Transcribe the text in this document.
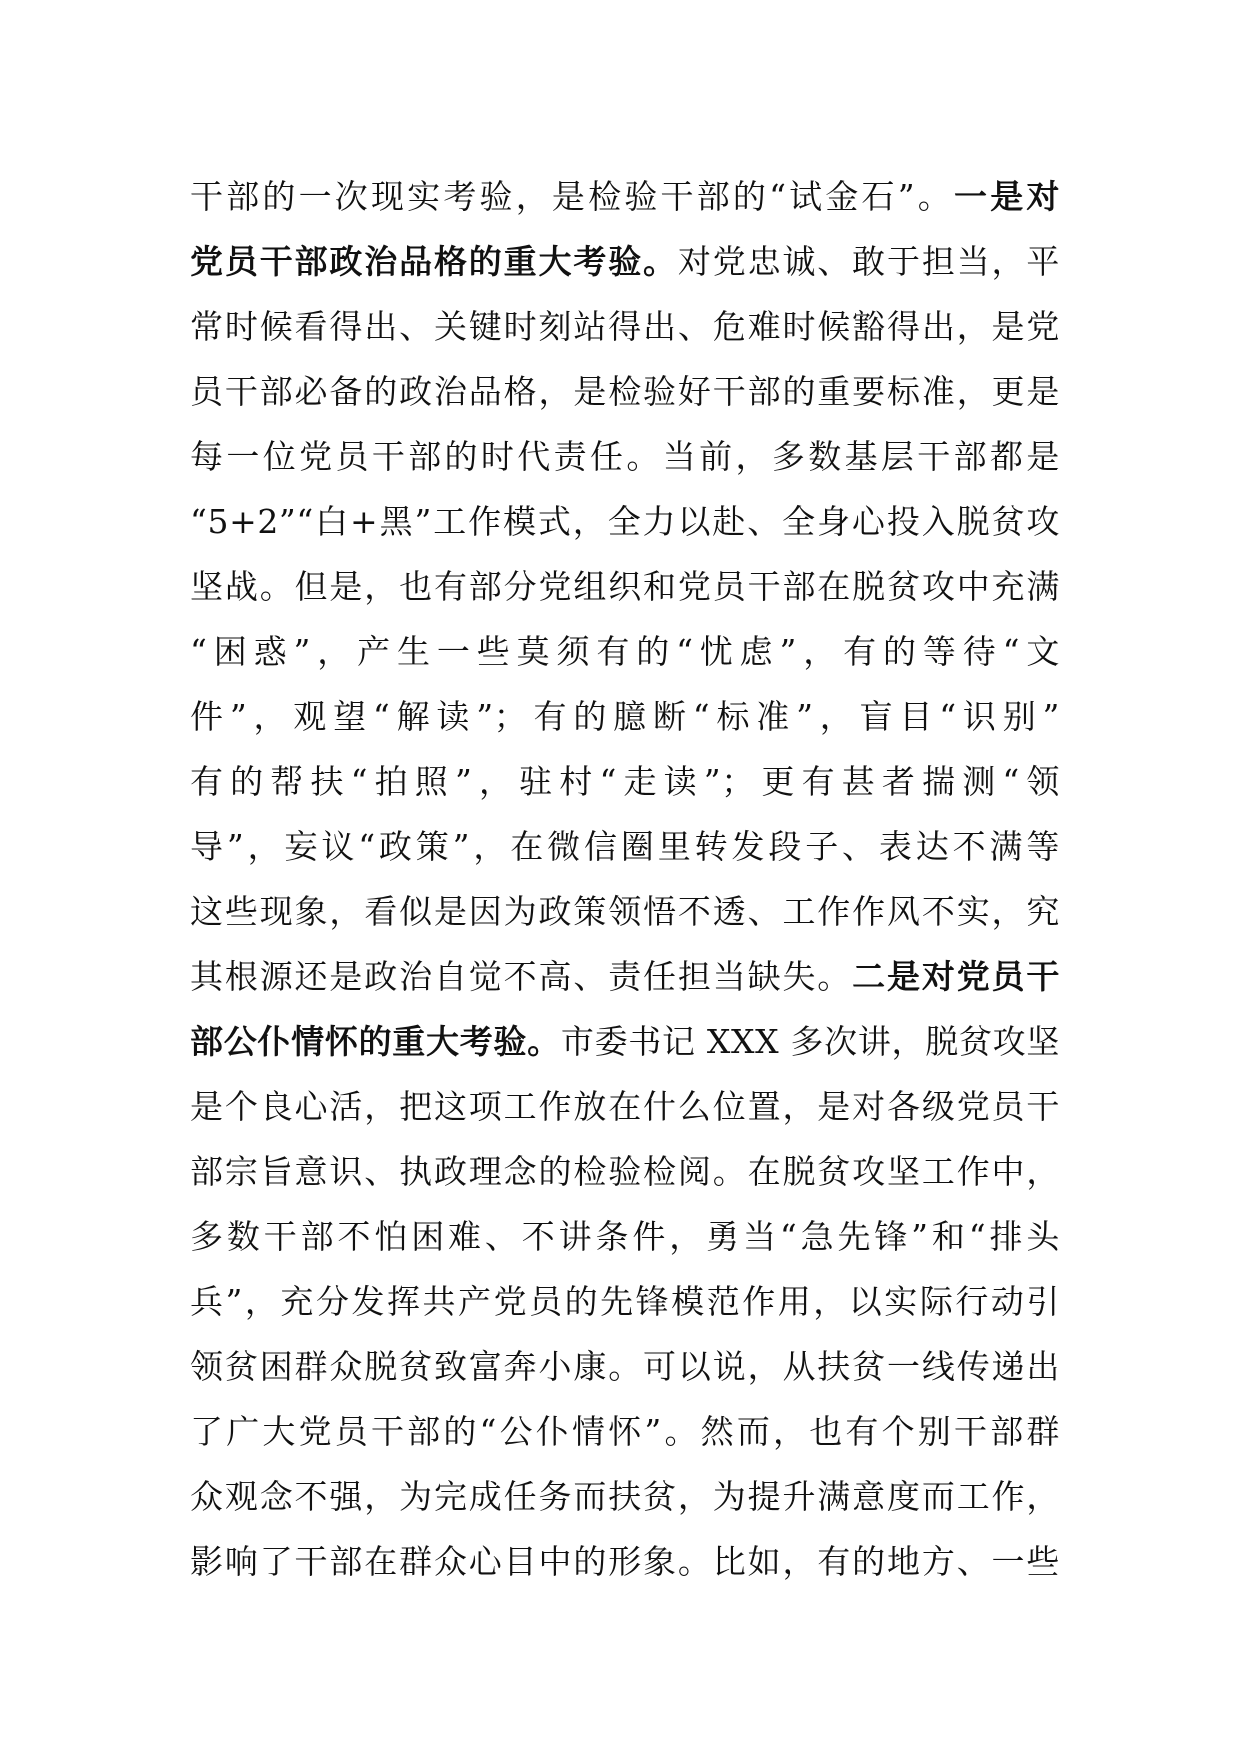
干部的一次现实考验，是检验干部的“试金石”。一是对
党员干部政治品格的重大考验。对党忠诚、敢于担当，平
常时候看得出、关键时刻站得出、危难时候豁得出，是党
员干部必备的政治品格，是检验好干部的重要标准，更是
每一位党员干部的时代责任。当前，多数基层干部都是
“5+2”“白+黑”工作模式，全力以赴、全身心投入脱贫攻
坚战。但是，也有部分党组织和党员干部在脱贫攻中充满
“困惑”，产生一些莫须有的“忧虑”，有的等待“文
件”，观望“解读”；有的臆断“标准”，盲目“识别”
有的帮扶“拍照”，驻村“走读”；更有甚者揣测“领
导”，妄议“政策”，在微信圈里转发段子、表达不满等
这些现象，看似是因为政策领悟不透、工作作风不实，究
其根源还是政治自觉不高、责任担当缺失。二是对党员干
部公仆情怀的重大考验。市委书记 XXX 多次讲，脱贫攻坚
是个良心活，把这项工作放在什么位置，是对各级党员干
部宗旨意识、执政理念的检验检阅。在脱贫攻坚工作中，
多数干部不怕困难、不讲条件，勇当“急先锋”和“排头
兵”，充分发挥共产党员的先锋模范作用，以实际行动引
领贫困群众脱贫致富奔小康。可以说，从扶贫一线传递出
了广大党员干部的“公仆情怀”。然而，也有个别干部群
众观念不强，为完成任务而扶贫，为提升满意度而工作，
影响了干部在群众心目中的形象。比如，有的地方、一些
